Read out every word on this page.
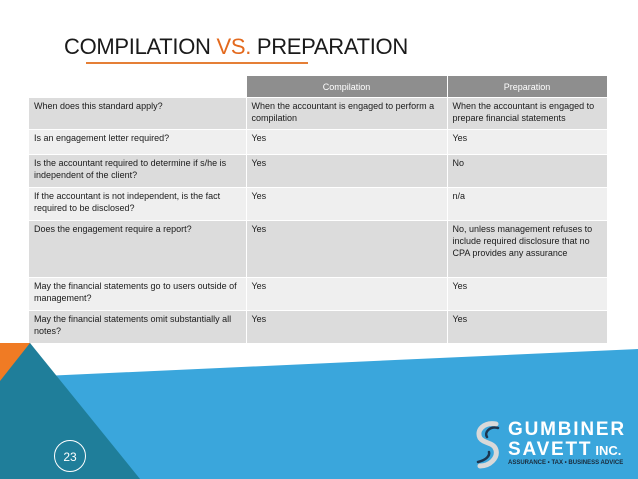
COMPILATION VS. PREPARATION
	Compilation	Preparation
When does this standard apply?	When the accountant is engaged to perform a compilation	When the accountant is engaged to prepare financial statements
Is an engagement letter required?	Yes	Yes
Is the accountant required to determine if s/he is independent of the client?	Yes	No
If the accountant is not independent, is the fact required to be disclosed?	Yes	n/a
Does the engagement require a report?	Yes	No, unless management refuses to include required disclosure that no CPA provides any assurance
May the financial statements go to users outside of management?	Yes	Yes
May the financial statements omit substantially all notes?	Yes	Yes
23
GUMBINER
SAVETT INC.
ASSURANCE • TAX • BUSINESS ADVICE
